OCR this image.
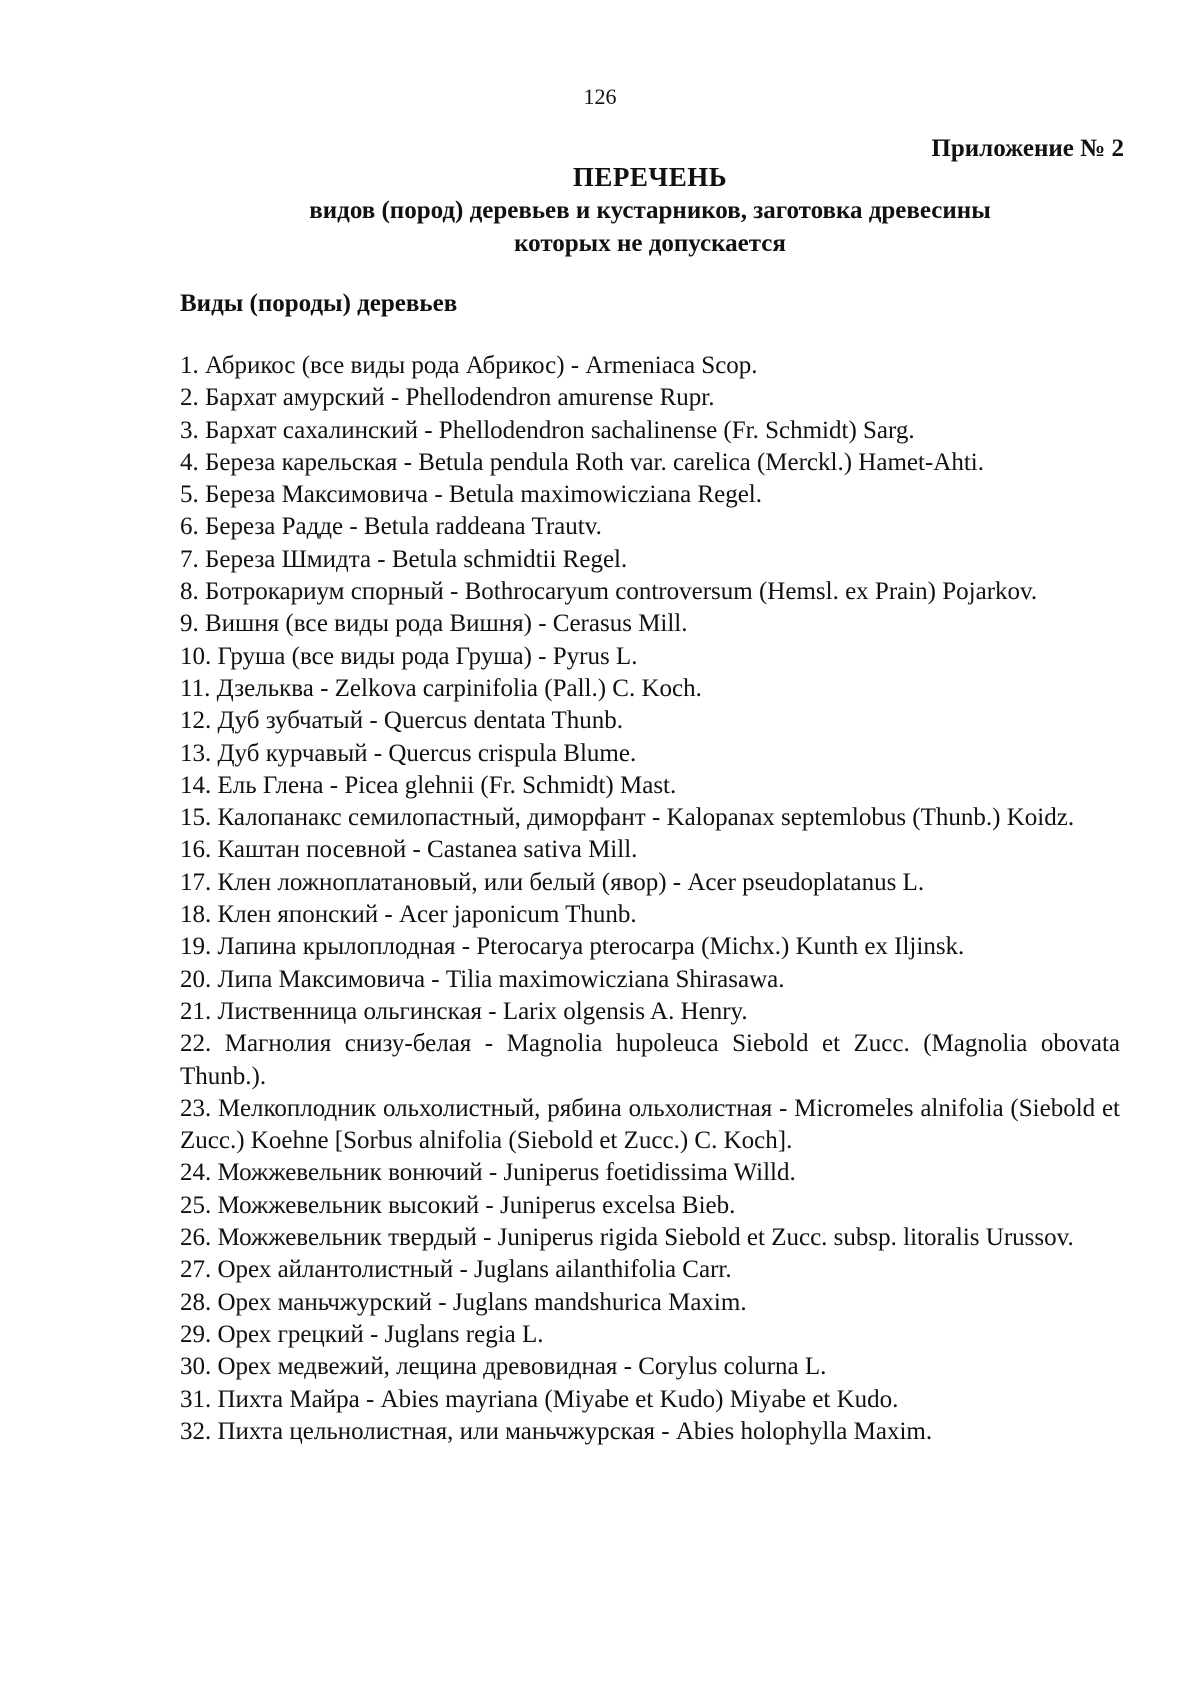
126
Приложение № 2
ПЕРЕЧЕНЬ
видов (пород) деревьев и кустарников, заготовка древесины
которых не допускается
Виды (породы) деревьев
1. Абрикос (все виды рода Абрикос) - Armeniaca Scop.
2. Бархат амурский - Phellodendron amurense Rupr.
3. Бархат сахалинский - Phellodendron sachalinense (Fr. Schmidt) Sarg.
4. Береза карельская - Betula pendula Roth var. carelica (Merckl.) Hamet-Ahti.
5. Береза Максимовича - Betula maximowicziana Regel.
6. Береза Радде - Betula raddeana Trautv.
7. Береза Шмидта - Betula schmidtii Regel.
8. Ботрокариум спорный - Bothrocaryum controversum (Hemsl. ex Prain) Pojarkov.
9. Вишня (все виды рода Вишня) - Cerasus Mill.
10. Груша (все виды рода Груша) - Pyrus L.
11. Дзельква - Zelkova carpinifolia (Pall.) C. Koch.
12. Дуб зубчатый - Quercus dentata Thunb.
13. Дуб курчавый - Quercus crispula Blume.
14. Ель Глена - Picea glehnii (Fr. Schmidt) Mast.
15. Калопанакс семилопастный, диморфант - Kalopanax septemlobus (Thunb.) Koidz.
16. Каштан посевной - Castanea sativa Mill.
17. Клен ложноплатановый, или белый (явор) - Acer pseudoplatanus L.
18. Клен японский - Acer japonicum Thunb.
19. Лапина крылоплодная - Pterocarya pterocarpa (Michx.) Kunth ex Iljinsk.
20. Липа Максимовича - Tilia maximowicziana Shirasawa.
21. Лиственница ольгинская - Larix olgensis A. Henry.
22. Магнолия снизу-белая - Magnolia hupoleuca Siebold et Zucc. (Magnolia obovata Thunb.).
23. Мелкоплодник ольхолистный, рябина ольхолистная - Micromeles alnifolia (Siebold et Zucc.) Koehne [Sorbus alnifolia (Siebold et Zucc.) C. Koch].
24. Можжевельник вонючий - Juniperus foetidissima Willd.
25. Можжевельник высокий - Juniperus excelsa Bieb.
26. Можжевельник твердый - Juniperus rigida Siebold et Zucc. subsp. litoralis Urussov.
27. Орех айлантолистный - Juglans ailanthifolia Carr.
28. Орех маньчжурский - Juglans mandshurica Maxim.
29. Орех грецкий - Juglans regia L.
30. Орех медвежий, лещина древовидная - Corylus colurna L.
31. Пихта Майра - Abies mayriana (Miyabe et Kudo) Miyabe et Kudo.
32. Пихта цельнолистная, или маньчжурская - Abies holophylla Maxim.
